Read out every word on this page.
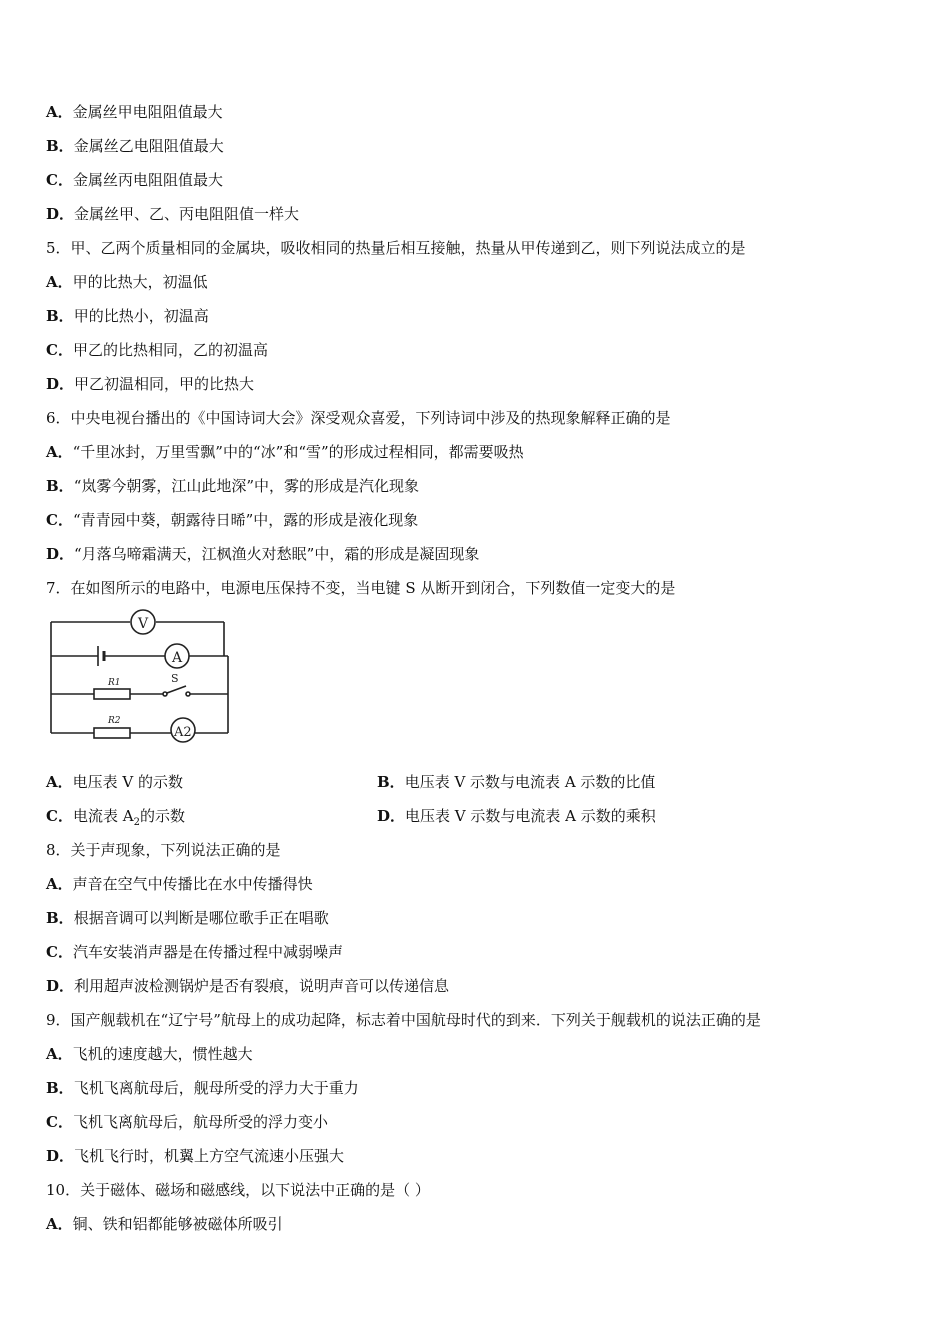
A．金属丝甲电阻阻值最大
B．金属丝乙电阻阻值最大
C．金属丝丙电阻阻值最大
D．金属丝甲、乙、丙电阻阻值一样大
5．甲、乙两个质量相同的金属块，吸收相同的热量后相互接触，热量从甲传递到乙，则下列说法成立的是
A．甲的比热大，初温低
B．甲的比热小，初温高
C．甲乙的比热相同，乙的初温高
D．甲乙初温相同，甲的比热大
6．中央电视台播出的《中国诗词大会》深受观众喜爱，下列诗词中涉及的热现象解释正确的是
A．“千里冰封，万里雪飘”中的“冰”和“雪”的形成过程相同，都需要吸热
B．“岚雾今朝雾，江山此地深”中，雾的形成是汽化现象
C．“青青园中葵，朝露待日晞”中，露的形成是液化现象
D．“月落乌啼霜满天，江枫渔火对愁眠”中，霜的形成是凝固现象
7．在如图所示的电路中，电源电压保持不变，当电键 S 从断开到闭合，下列数值一定变大的是
V
A
R1	S
R2
A2
A．电压表 V 的示数	B．电压表 V 示数与电流表 A 示数的比值
C．电流表 $A_2$的示数	D．电压表 V 示数与电流表 A 示数的乘积
8．关于声现象，下列说法正确的是
A．声音在空气中传播比在水中传播得快
B．根据音调可以判断是哪位歌手正在唱歌
C．汽车安装消声器是在传播过程中减弱噪声
D．利用超声波检测锅炉是否有裂痕，说明声音可以传递信息
9．国产舰载机在“辽宁号”航母上的成功起降，标志着中国航母时代的到来．下列关于舰载机的说法正确的是
A．飞机的速度越大，惯性越大
B．飞机飞离航母后，舰母所受的浮力大于重力
C．飞机飞离航母后，航母所受的浮力变小
D．飞机飞行时，机翼上方空气流速小压强大
10．关于磁体、磁场和磁感线，以下说法中正确的是（ ）
A．铜、铁和铝都能够被磁体所吸引
